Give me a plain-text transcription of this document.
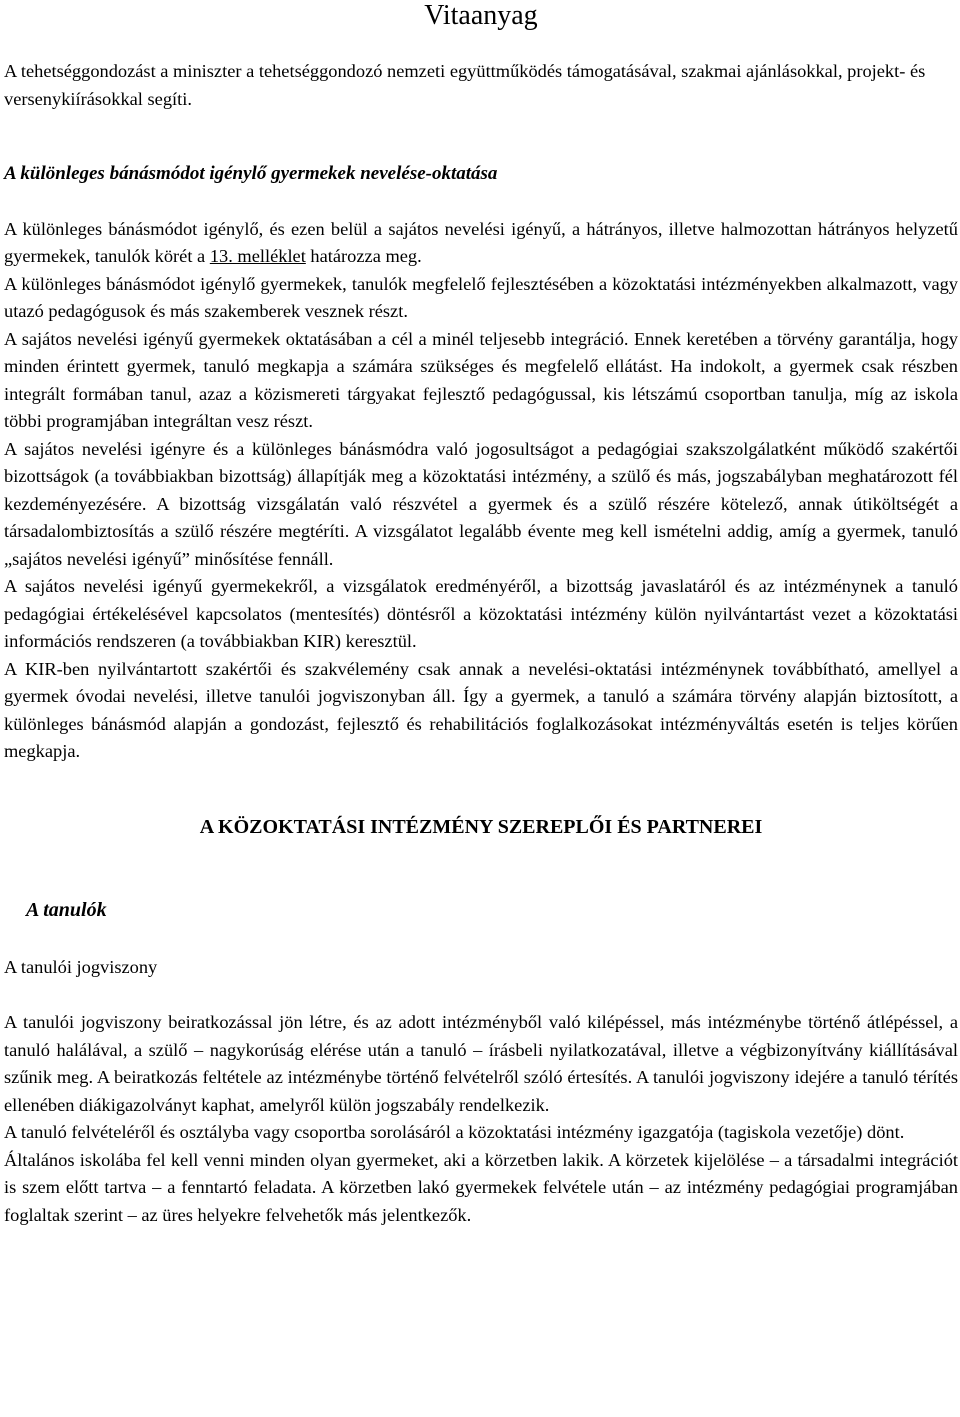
Vitaanyag

A tehetséggondozást a miniszter a tehetséggondozó nemzeti együttműködés támogatásával, szakmai ajánlásokkal, projekt- és versenykiírásokkal segíti.

A különleges bánásmódot igénylő gyermekek nevelése-oktatása

A különleges bánásmódot igénylő, és ezen belül a sajátos nevelési igényű, a hátrányos, illetve halmozottan hátrányos helyzetű gyermekek, tanulók körét a 13. melléklet határozza meg.

A különleges bánásmódot igénylő gyermekek, tanulók megfelelő fejlesztésében a közoktatási intézményekben alkalmazott, vagy utazó pedagógusok és más szakemberek vesznek részt.

A sajátos nevelési igényű gyermekek oktatásában a cél a minél teljesebb integráció. Ennek keretében a törvény garantálja, hogy minden érintett gyermek, tanuló megkapja a számára szükséges és megfelelő ellátást. Ha indokolt, a gyermek csak részben integrált formában tanul, azaz a közismereti tárgyakat fejlesztő pedagógussal, kis létszámú csoportban tanulja, míg az iskola többi programjában integráltan vesz részt.

A sajátos nevelési igényre és a különleges bánásmódra való jogosultságot a pedagógiai szakszolgálatként működő szakértői bizottságok (a továbbiakban bizottság) állapítják meg a közoktatási intézmény, a szülő és más, jogszabályban meghatározott fél kezdeményezésére. A bizottság vizsgálatán való részvétel a gyermek és a szülő részére kötelező, annak útiköltségét a társadalombiztosítás a szülő részére megtéríti. A vizsgálatot legalább évente meg kell ismételni addig, amíg a gyermek, tanuló „sajátos nevelési igényű” minősítése fennáll.

A sajátos nevelési igényű gyermekekről, a vizsgálatok eredményéről, a bizottság javaslatáról és az intézménynek a tanuló pedagógiai értékelésével kapcsolatos (mentesítés) döntésről a közoktatási intézmény külön nyilvántartást vezet a közoktatási információs rendszeren (a továbbiakban KIR) keresztül.

A KIR-ben nyilvántartott szakértői és szakvélemény csak annak a nevelési-oktatási intézménynek továbbítható, amellyel a gyermek óvodai nevelési, illetve tanulói jogviszonyban áll. Így a gyermek, a tanuló a számára törvény alapján biztosított, a különleges bánásmód alapján a gondozást, fejlesztő és rehabilitációs foglalkozásokat intézményváltás esetén is teljes körűen megkapja.

A KÖZOKTATÁSI INTÉZMÉNY SZEREPLŐI ÉS PARTNEREI

A tanulók

A tanulói jogviszony

A tanulói jogviszony beiratkozással jön létre, és az adott intézményből való kilépéssel, más intézménybe történő átlépéssel, a tanuló halálával, a szülő – nagykorúság elérése után a tanuló – írásbeli nyilatkozatával, illetve a végbizonyítvány kiállításával szűnik meg. A beiratkozás feltétele az intézménybe történő felvételről szóló értesítés. A tanulói jogviszony idejére a tanuló térítés ellenében diákigazolványt kaphat, amelyről külön jogszabály rendelkezik.

A tanuló felvételéről és osztályba vagy csoportba sorolásáról a közoktatási intézmény igazgatója (tagiskola vezetője) dönt.

Általános iskolába fel kell venni minden olyan gyermeket, aki a körzetben lakik. A körzetek kijelölése – a társadalmi integrációt is szem előtt tartva – a fenntartó feladata. A körzetben lakó gyermekek felvétele után – az intézmény pedagógiai programjában foglaltak szerint – az üres helyekre felvehetők más jelentkezők.
